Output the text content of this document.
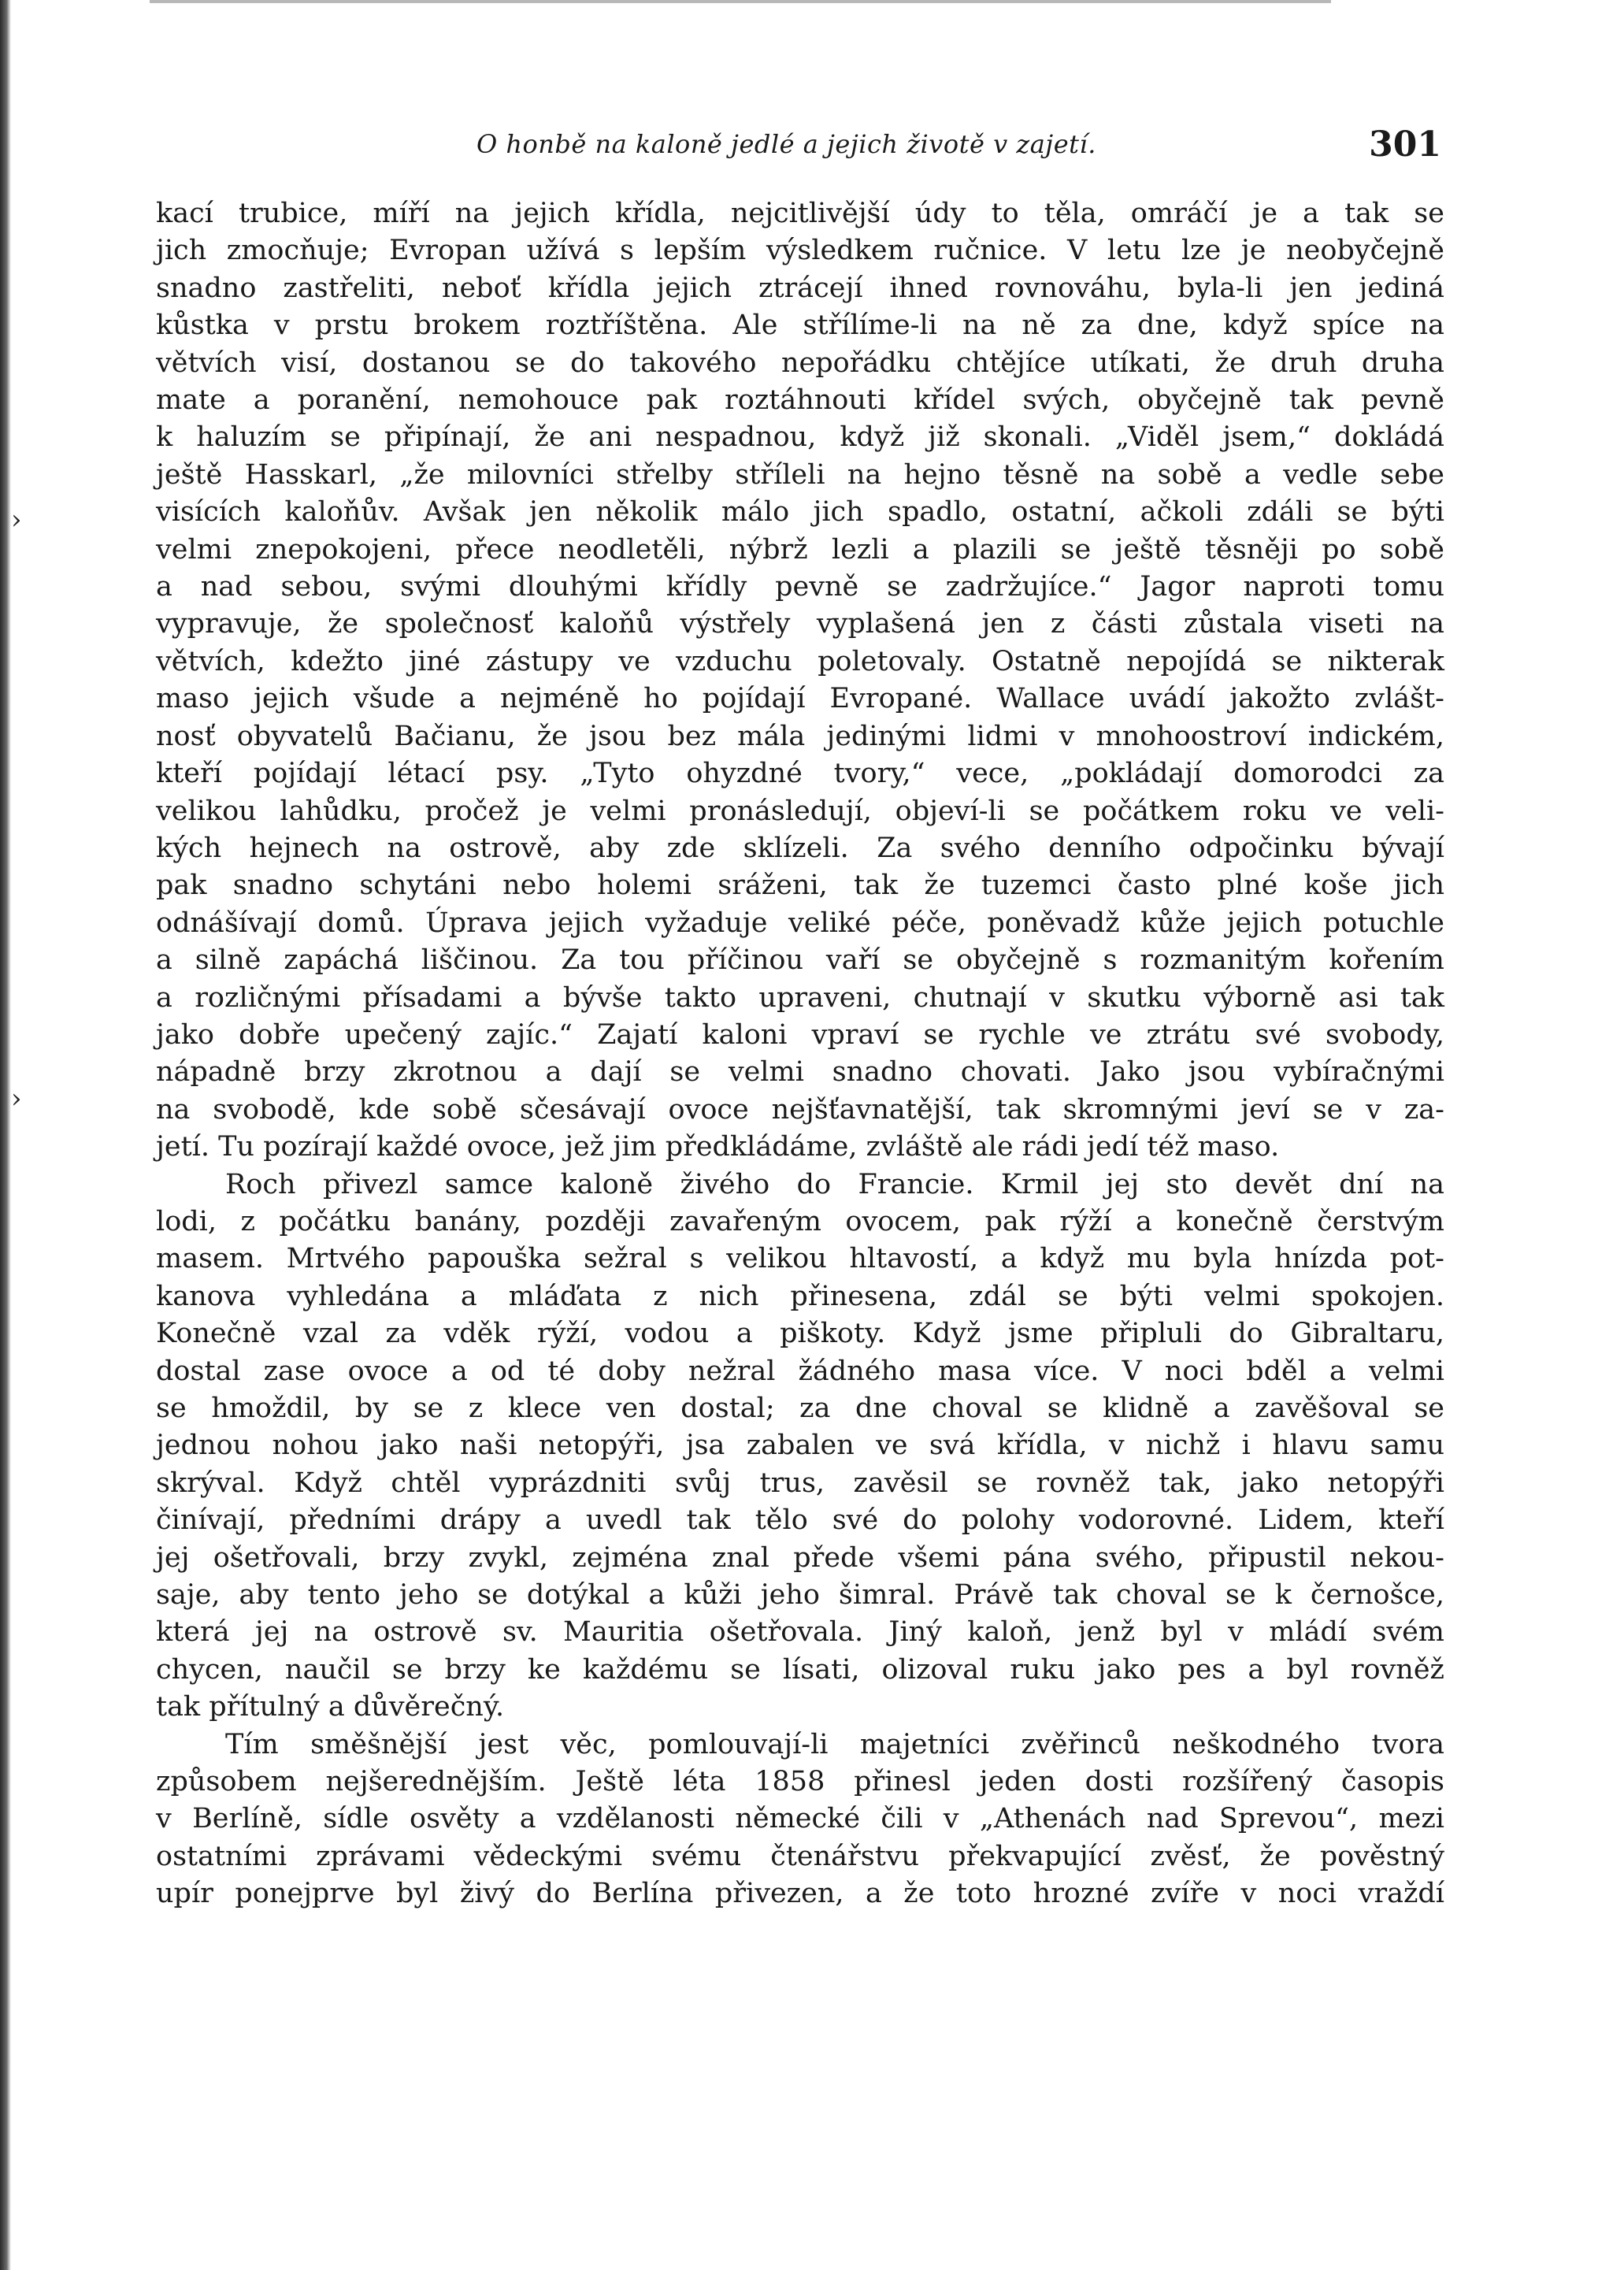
O honbě na kaloně jedlé a jejich životě v zajetí.	301
›
›

kací trubice, míří na jejich křídla, nejcitlivější údy to těla, omráčí je a tak se

jich zmocňuje; Evropan užívá s lepším výsledkem ručnice. V letu lze je neobyčejně

snadno zastřeliti, neboť křídla jejich ztrácejí ihned rovnováhu, byla-li jen jediná

kůstka v prstu brokem roztříštěna. Ale střílíme-li na ně za dne, když spíce na

větvích visí, dostanou se do takového nepořádku chtějíce utíkati, že druh druha

mate a poranění, nemohouce pak roztáhnouti křídel svých, obyčejně tak pevně

k haluzím se připínají, že ani nespadnou, když již skonali. „Viděl jsem,“ dokládá

ještě Hasskarl, „že milovníci střelby stříleli na hejno těsně na sobě a vedle sebe

visících kaloňův. Avšak jen několik málo jich spadlo, ostatní, ačkoli zdáli se býti

velmi znepokojeni, přece neodletěli, nýbrž lezli a plazili se ještě těsněji po sobě

a nad sebou, svými dlouhými křídly pevně se zadržujíce.“ Jagor naproti tomu

vypravuje, že společnosť kaloňů výstřely vyplašená jen z části zůstala viseti na

větvích, kdežto jiné zástupy ve vzduchu poletovaly. Ostatně nepojídá se nikterak

maso jejich všude a nejméně ho pojídají Evropané. Wallace uvádí jakožto zvlášt-

nosť obyvatelů Bačianu, že jsou bez mála jedinými lidmi v mnohoostroví indickém,

kteří pojídají létací psy. „Tyto ohyzdné tvory,“ vece, „pokládají domorodci za

velikou lahůdku, pročež je velmi pronásledují, objeví-li se počátkem roku ve veli-

kých hejnech na ostrově, aby zde sklízeli. Za svého denního odpočinku bývají

pak snadno schytáni nebo holemi sráženi, tak že tuzemci často plné koše jich

odnášívají domů. Úprava jejich vyžaduje veliké péče, poněvadž kůže jejich potuchle

a silně zapáchá liščinou. Za tou příčinou vaří se obyčejně s rozmanitým kořením

a rozličnými přísadami a bývše takto upraveni, chutnají v skutku výborně asi tak

jako dobře upečený zajíc.“ Zajatí kaloni vpraví se rychle ve ztrátu své svobody,

nápadně brzy zkrotnou a dají se velmi snadno chovati. Jako jsou vybíračnými

na svobodě, kde sobě sčesávají ovoce nejšťavnatější, tak skromnými jeví se v za-

jetí. Tu pozírají každé ovoce, jež jim předkládáme, zvláště ale rádi jedí též maso.

Roch přivezl samce kaloně živého do Francie. Krmil jej sto devět dní na

lodi, z počátku banány, později zavařeným ovocem, pak rýží a konečně čerstvým

masem. Mrtvého papouška sežral s velikou hltavostí, a když mu byla hnízda pot-

kanova vyhledána a mláďata z nich přinesena, zdál se býti velmi spokojen.

Konečně vzal za vděk rýží, vodou a piškoty. Když jsme připluli do Gibraltaru,

dostal zase ovoce a od té doby nežral žádného masa více. V noci bděl a velmi

se hmoždil, by se z klece ven dostal; za dne choval se klidně a zavěšoval se

jednou nohou jako naši netopýři, jsa zabalen ve svá křídla, v nichž i hlavu samu

skrýval. Když chtěl vyprázdniti svůj trus, zavěsil se rovněž tak, jako netopýři

činívají, předními drápy a uvedl tak tělo své do polohy vodorovné. Lidem, kteří

jej ošetřovali, brzy zvykl, zejména znal přede všemi pána svého, připustil nekou-

saje, aby tento jeho se dotýkal a kůži jeho šimral. Právě tak choval se k černošce,

která jej na ostrově sv. Mauritia ošetřovala. Jiný kaloň, jenž byl v mládí svém

chycen, naučil se brzy ke každému se lísati, olizoval ruku jako pes a byl rovněž

tak přítulný a důvěrečný.

Tím směšnější jest věc, pomlouvají-li majetníci zvěřinců neškodného tvora

způsobem nejšerednějším. Ještě léta 1858 přinesl jeden dosti rozšířený časopis

v Berlíně, sídle osvěty a vzdělanosti německé čili v „Athenách nad Sprevou“, mezi

ostatními zprávami vědeckými svému čtenářstvu překvapující zvěsť, že pověstný

upír ponejprve byl živý do Berlína přivezen, a že toto hrozné zvíře v noci vraždí
